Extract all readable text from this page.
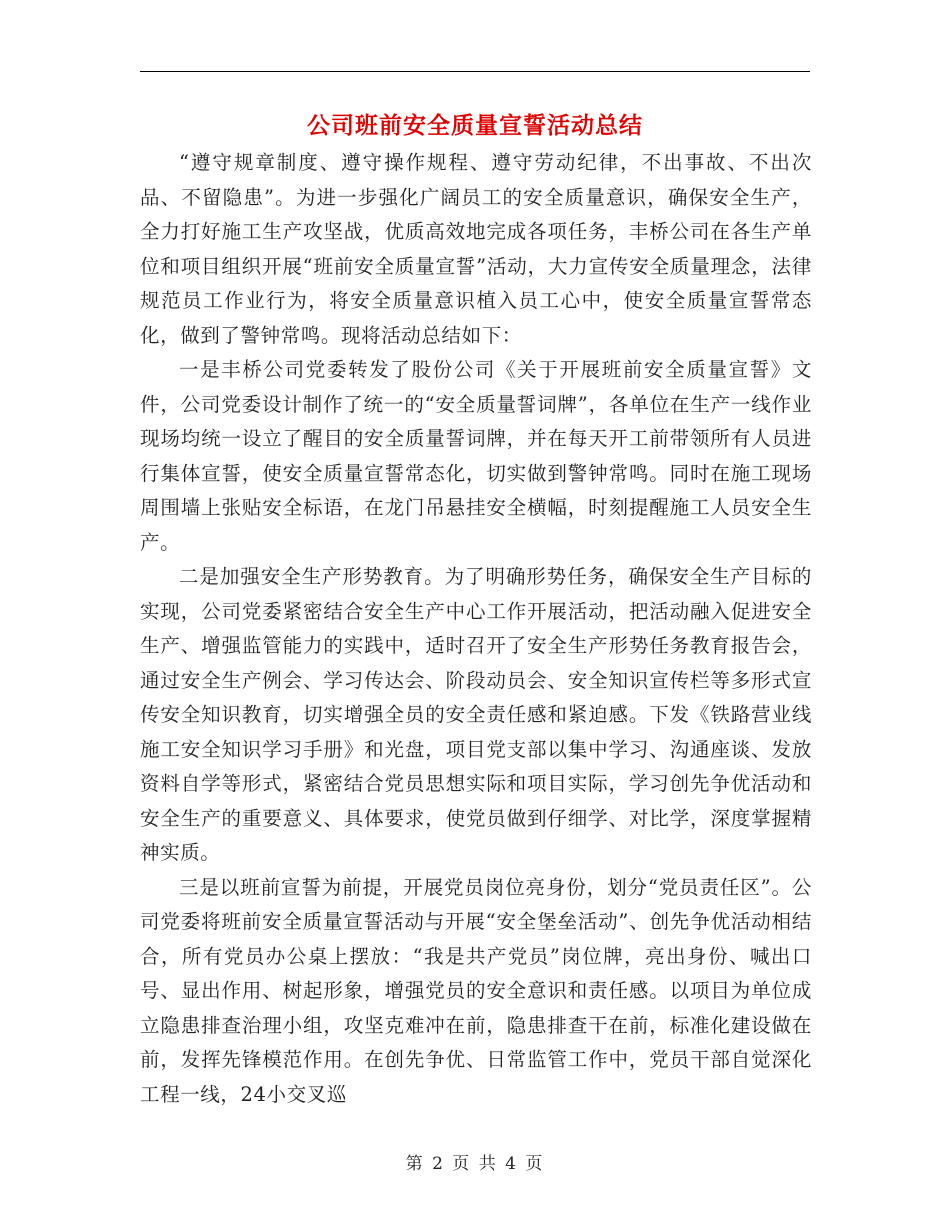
公司班前安全质量宣誓活动总结

“遵守规章制度、遵守操作规程、遵守劳动纪律，不出事故、不出次品、不留隐患”。为进一步强化广阔员工的安全质量意识，确保安全生产，全力打好施工生产攻坚战，优质高效地完成各项任务，丰桥公司在各生产单位和项目组织开展“班前安全质量宣誓”活动，大力宣传安全质量理念，法律规范员工作业行为，将安全质量意识植入员工心中，使安全质量宣誓常态化，做到了警钟常鸣。现将活动总结如下：

一是丰桥公司党委转发了股份公司《关于开展班前安全质量宣誓》文件，公司党委设计制作了统一的“安全质量誓词牌”，各单位在生产一线作业现场均统一设立了醒目的安全质量誓词牌，并在每天开工前带领所有人员进行集体宣誓，使安全质量宣誓常态化，切实做到警钟常鸣。同时在施工现场周围墙上张贴安全标语，在龙门吊悬挂安全横幅，时刻提醒施工人员安全生产。

二是加强安全生产形势教育。为了明确形势任务，确保安全生产目标的实现，公司党委紧密结合安全生产中心工作开展活动，把活动融入促进安全生产、增强监管能力的实践中，适时召开了安全生产形势任务教育报告会，通过安全生产例会、学习传达会、阶段动员会、安全知识宣传栏等多形式宣传安全知识教育，切实增强全员的安全责任感和紧迫感。下发《铁路营业线施工安全知识学习手册》和光盘，项目党支部以集中学习、沟通座谈、发放资料自学等形式，紧密结合党员思想实际和项目实际，学习创先争优活动和安全生产的重要意义、具体要求，使党员做到仔细学、对比学，深度掌握精神实质。

三是以班前宣誓为前提，开展党员岗位亮身份，划分“党员责任区”。公司党委将班前安全质量宣誓活动与开展“安全堡垒活动”、创先争优活动相结合，所有党员办公桌上摆放：“我是共产党员”岗位牌，亮出身份、喊出口号、显出作用、树起形象，增强党员的安全意识和责任感。以项目为单位成立隐患排查治理小组，攻坚克难冲在前，隐患排查干在前，标准化建设做在前，发挥先锋模范作用。在创先争优、日常监管工作中，党员干部自觉深化工程一线，24小交叉巡

第 2 页 共 4 页
